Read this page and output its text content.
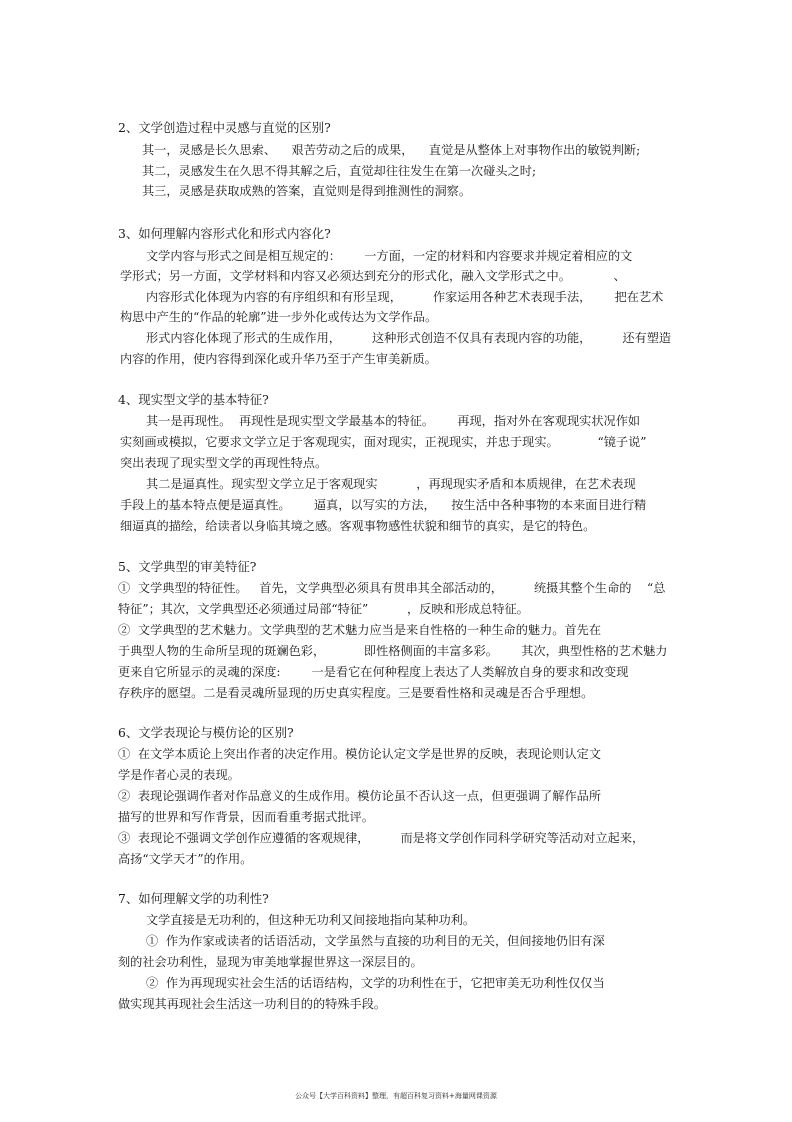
2、文学创造过程中灵感与直觉的区别?
其一，灵感是长久思索、    艰苦劳动之后的成果，    直觉是从整体上对事物作出的敏锐判断;
其二，灵感发生在久思不得其解之后，直觉却往往发生在第一次碰头之时;
其三，灵感是获取成熟的答案，直觉则是得到推测性的洞察。
3、如何理解内容形式化和形式内容化?
文学内容与形式之间是相互规定的：      一方面，一定的材料和内容要求并规定着相应的文
学形式；另一方面，文学材料和内容又必须达到充分的形式化，融入文学形式之中。           、
内容形式化体现为内容的有序组织和有形呈现，        作家运用各种艺术表现手法，      把在艺术
构思中产生的“作品的轮廓”进一步外化或传达为文学作品。
形式内容化体现了形式的生成作用，        这种形式创造不仅具有表现内容的功能，        还有塑造
内容的作用，使内容得到深化或升华乃至于产生审美新质。
4、现实型文学的基本特征?
其一是再现性。  再现性是现实型文学最基本的特征。      再现，指对外在客观现实状况作如
实刻画或模拟，它要求文学立足于客观现实，面对现实，正视现实，并忠于现实。          “镜子说”
突出表现了现实型文学的再现性特点。
其二是逼真性。现实型文学立足于客观现实          ，再现现实矛盾和本质规律，在艺术表现
手段上的基本特点便是逼真性。      逼真，以写实的方法，    按生活中各种事物的本来面目进行精
细逼真的描绘，给读者以身临其境之感。客观事物感性状貌和细节的真实，是它的特色。
5、文学典型的审美特征?
①  文学典型的特征性。   首先，文学典型必须具有贯串其全部活动的，        统摄其整个生命的    “总
特征”；其次，文学典型还必须通过局部“特征”          ，反映和形成总特征。
②  文学典型的艺术魅力。文学典型的艺术魅力应当是来自性格的一种生命的魅力。首先在
于典型人物的生命所呈现的斑斓色彩，          即性格侧面的丰富多彩。      其次，典型性格的艺术魅力
更来自它所显示的灵魂的深度:        一是看它在何种程度上表达了人类解放自身的要求和改变现
存秩序的愿望。二是看灵魂所显现的历史真实程度。三是要看性格和灵魂是否合乎理想。
6、文学表现论与模仿论的区别?
①  在文学本质论上突出作者的决定作用。模仿论认定文学是世界的反映，表现论则认定文
学是作者心灵的表现。
②  表现论强调作者对作品意义的生成作用。模仿论虽不否认这一点，但更强调了解作品所
描写的世界和写作背景，因而看重考据式批评。
③  表现论不强调文学创作应遵循的客观规律，        而是将文学创作同科学研究等活动对立起来，
高扬“文学天才”的作用。
7、如何理解文学的功利性?
文学直接是无功利的，但这种无功利又间接地指向某种功利。
①  作为作家或读者的话语活动，文学虽然与直接的功利目的无关，但间接地仍旧有深
刻的社会功利性，显现为审美地掌握世界这一深层目的。
②  作为再现现实社会生活的话语结构，文学的功利性在于，它把审美无功利性仅仅当
做实现其再现社会生活这一功利目的的特殊手段。
公众号【大学百科资料】整理，有超百科复习资料+海量网课资源
